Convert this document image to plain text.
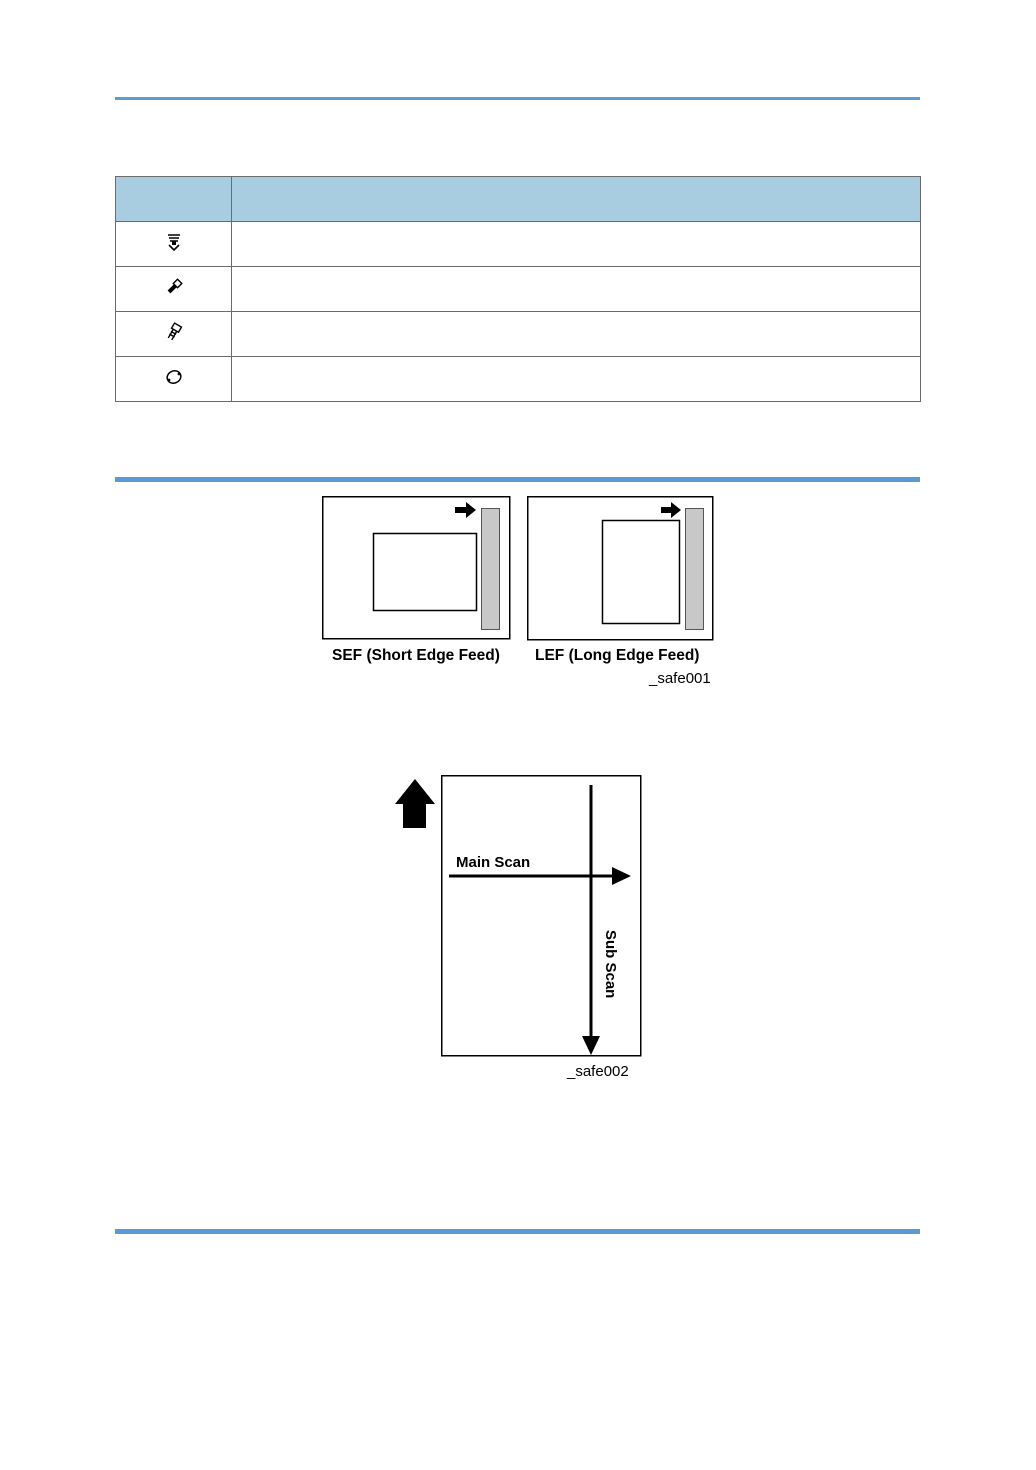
SEF (Short Edge Feed) LEF (Long Edge Feed)
_safe001
Main Scan
Sub Scan
_safe002
